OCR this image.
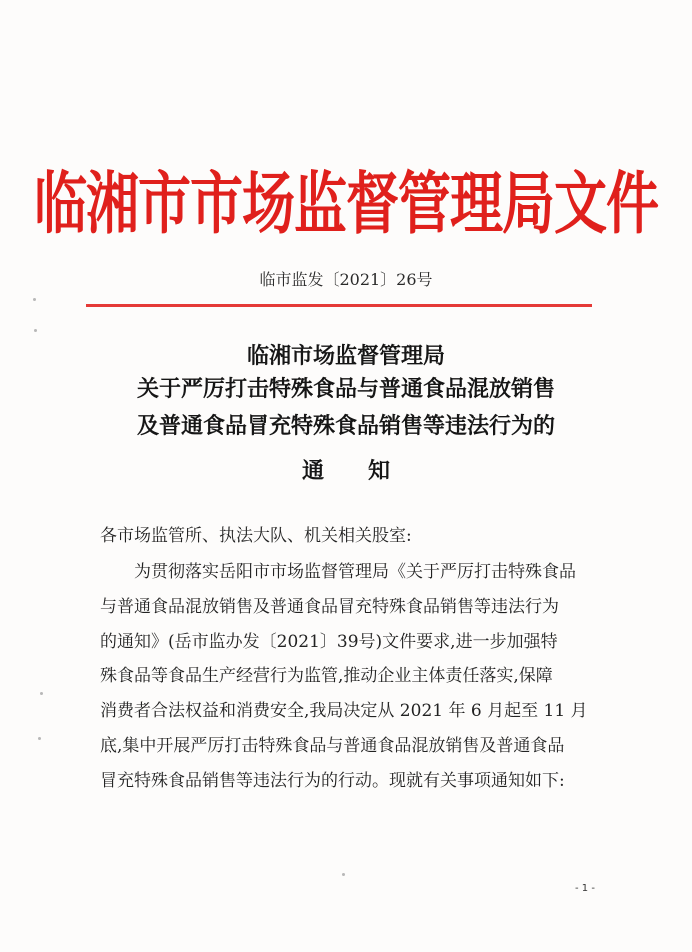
临湘市市场监督管理局文件
临市监发〔2021〕26号
临湘市场监督管理局
关于严厉打击特殊食品与普通食品混放销售
及普通食品冒充特殊食品销售等违法行为的
通 知
各市场监管所、执法大队、机关相关股室:
为贯彻落实岳阳市市场监督管理局《关于严厉打击特殊食品
与普通食品混放销售及普通食品冒充特殊食品销售等违法行为
的通知》(岳市监办发〔2021〕39号)文件要求,进一步加强特
殊食品等食品生产经营行为监管,推动企业主体责任落实,保障
消费者合法权益和消费安全,我局决定从 2021 年 6 月起至 11 月
底,集中开展严厉打击特殊食品与普通食品混放销售及普通食品
冒充特殊食品销售等违法行为的行动。现就有关事项通知如下:
- 1 -
